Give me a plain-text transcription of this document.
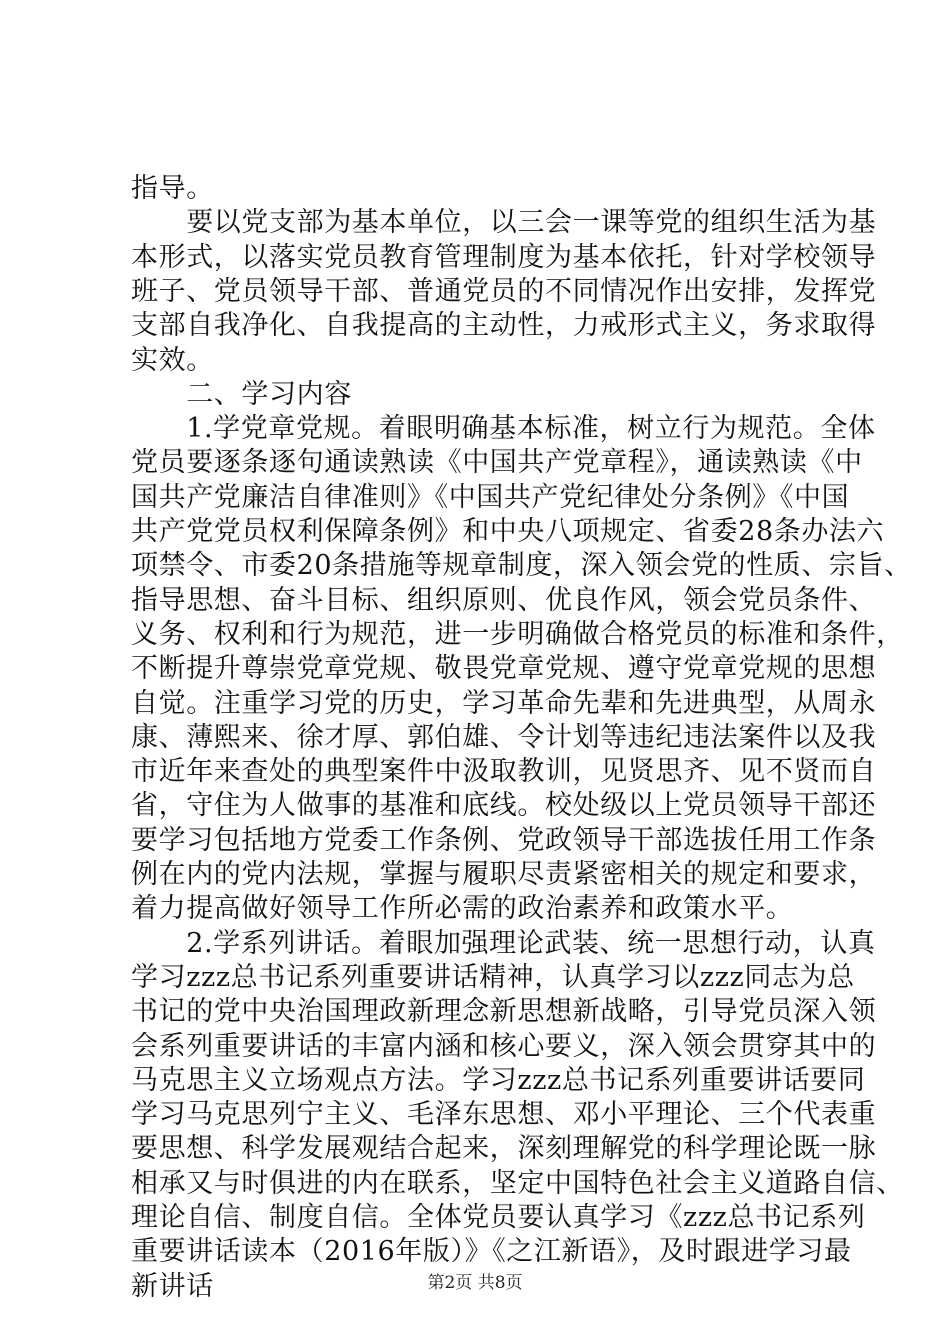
指导。
　　要以党支部为基本单位，以三会一课等党的组织生活为基
本形式，以落实党员教育管理制度为基本依托，针对学校领导
班子、党员领导干部、普通党员的不同情况作出安排，发挥党
支部自我净化、自我提高的主动性，力戒形式主义，务求取得
实效。
　　二、学习内容
　　1.学党章党规。着眼明确基本标准，树立行为规范。全体
党员要逐条逐句通读熟读《中国共产党章程》，通读熟读《中
国共产党廉洁自律准则》《中国共产党纪律处分条例》《中国
共产党党员权利保障条例》和中央八项规定、省委28条办法六
项禁令、市委20条措施等规章制度，深入领会党的性质、宗旨、
指导思想、奋斗目标、组织原则、优良作风，领会党员条件、
义务、权利和行为规范，进一步明确做合格党员的标准和条件，
不断提升尊崇党章党规、敬畏党章党规、遵守党章党规的思想
自觉。注重学习党的历史，学习革命先辈和先进典型，从周永
康、薄熙来、徐才厚、郭伯雄、令计划等违纪违法案件以及我
市近年来查处的典型案件中汲取教训，见贤思齐、见不贤而自
省，守住为人做事的基准和底线。校处级以上党员领导干部还
要学习包括地方党委工作条例、党政领导干部选拔任用工作条
例在内的党内法规，掌握与履职尽责紧密相关的规定和要求，
着力提高做好领导工作所必需的政治素养和政策水平。
　　2.学系列讲话。着眼加强理论武装、统一思想行动，认真
学习zzz总书记系列重要讲话精神，认真学习以zzz同志为总
书记的党中央治国理政新理念新思想新战略，引导党员深入领
会系列重要讲话的丰富内涵和核心要义，深入领会贯穿其中的
马克思主义立场观点方法。学习zzz总书记系列重要讲话要同
学习马克思列宁主义、毛泽东思想、邓小平理论、三个代表重
要思想、科学发展观结合起来，深刻理解党的科学理论既一脉
相承又与时俱进的内在联系，坚定中国特色社会主义道路自信、
理论自信、制度自信。全体党员要认真学习《zzz总书记系列
重要讲话读本（2016年版）》《之江新语》，及时跟进学习最
新讲话	第2页 共8页
